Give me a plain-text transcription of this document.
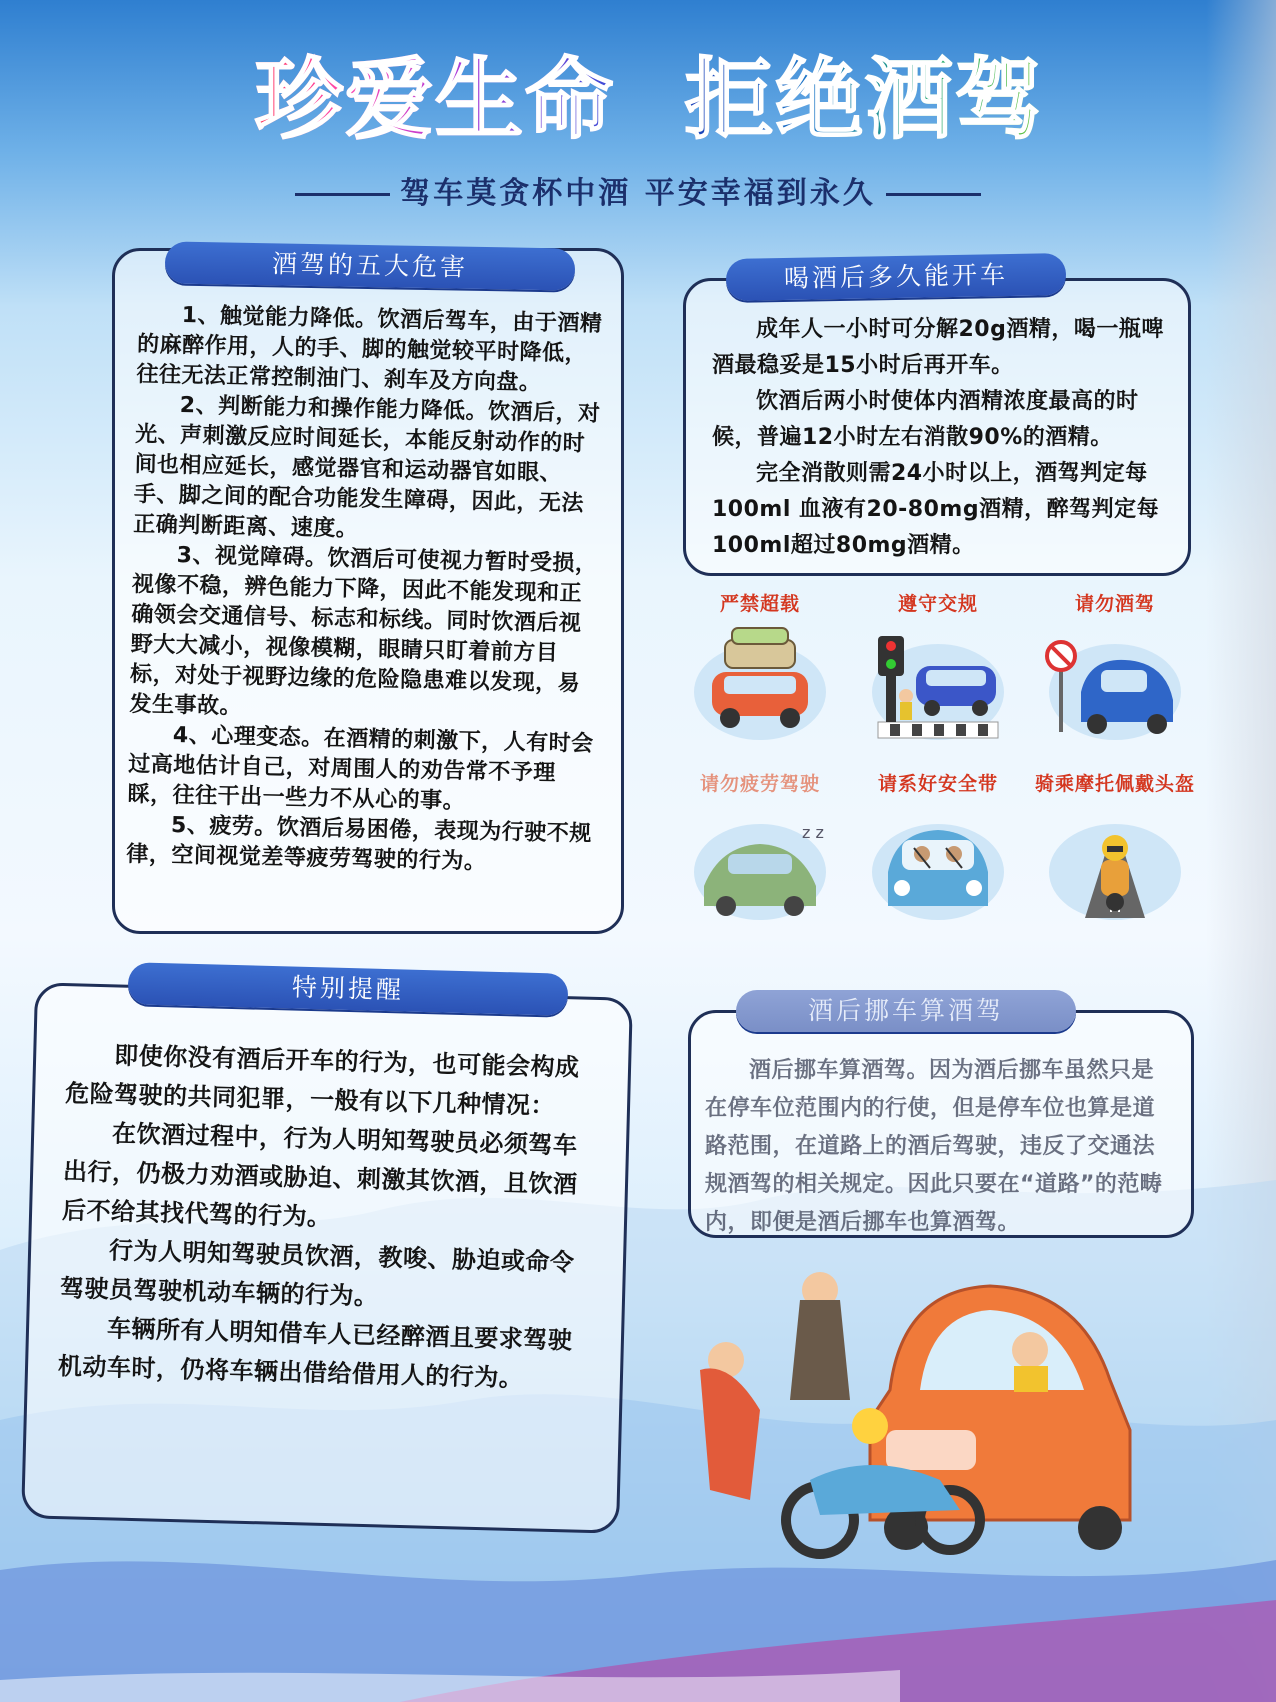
珍爱生命 拒绝酒驾
驾车莫贪杯中酒 平安幸福到永久
酒驾的五大危害

1、触觉能力降低。饮酒后驾车，由于酒精的麻醉作用，人的手、脚的触觉较平时降低，往往无法正常控制油门、刹车及方向盘。

2、判断能力和操作能力降低。饮酒后，对光、声刺激反应时间延长，本能反射动作的时间也相应延长，感觉器官和运动器官如眼、手、脚之间的配合功能发生障碍，因此，无法正确判断距离、速度。

3、视觉障碍。饮酒后可使视力暂时受损，视像不稳，辨色能力下降，因此不能发现和正确领会交通信号、标志和标线。同时饮酒后视野大大减小，视像模糊，眼睛只盯着前方目标，对处于视野边缘的危险隐患难以发现，易发生事故。

4、心理变态。在酒精的刺激下，人有时会过高地估计自己，对周围人的劝告常不予理睬，往往干出一些力不从心的事。

5、疲劳。饮酒后易困倦，表现为行驶不规律，空间视觉差等疲劳驾驶的行为。

喝酒后多久能开车

成年人一小时可分解20g酒精，喝一瓶啤酒最稳妥是15小时后再开车。

饮酒后两小时使体内酒精浓度最高的时候，普遍12小时左右消散90%的酒精。

完全消散则需24小时以上，酒驾判定每100ml 血液有20-80mg酒精，醉驾判定每100ml超过80mg酒精。

严禁超载	遵守交规	请勿酒驾
请勿疲劳驾驶
z z
请系好安全带	骑乘摩托佩戴头盔
特别提醒

即使你没有酒后开车的行为，也可能会构成危险驾驶的共同犯罪，一般有以下几种情况：

在饮酒过程中，行为人明知驾驶员必须驾车出行，仍极力劝酒或胁迫、刺激其饮酒，且饮酒后不给其找代驾的行为。

行为人明知驾驶员饮酒，教唆、胁迫或命令驾驶员驾驶机动车辆的行为。

车辆所有人明知借车人已经醉酒且要求驾驶机动车时，仍将车辆出借给借用人的行为。

酒后挪车算酒驾

酒后挪车算酒驾。因为酒后挪车虽然只是在停车位范围内的行使，但是停车位也算是道路范围，在道路上的酒后驾驶，违反了交通法规酒驾的相关规定。因此只要在“道路”的范畴内，即便是酒后挪车也算酒驾。
